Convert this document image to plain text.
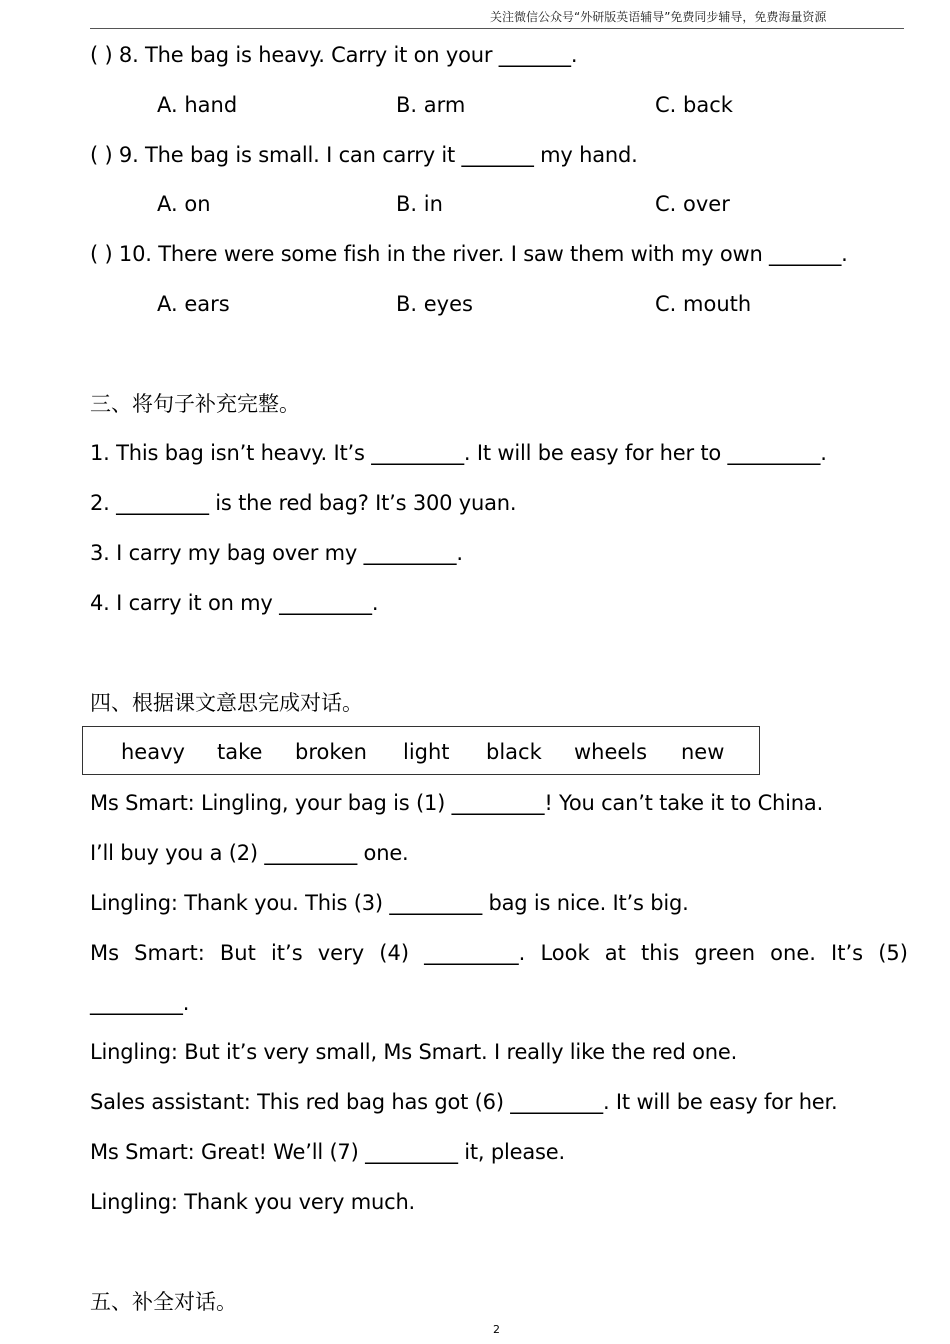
关注微信公众号“外研版英语辅导”免费同步辅导，免费海量资源
( ) 8. The bag is heavy. Carry it on your _______.
A. hand	B. arm	C. back
( ) 9. The bag is small. I can carry it _______ my hand.
A. on	B. in	C. over
( ) 10. There were some fish in the river. I saw them with my own _______.
A. ears	B. eyes	C. mouth
三、将句子补充完整。
1. This bag isn’t heavy. It’s _________. It will be easy for her to _________.
2. _________ is the red bag? It’s 300 yuan.
3. I carry my bag over my _________.
4. I carry it on my _________.
四、根据课文意思完成对话。
heavy take broken light black wheels new
Ms Smart: Lingling, your bag is (1) _________! You can’t take it to China.
I’ll buy you a (2) _________ one.
Lingling: Thank you. This (3) _________ bag is nice. It’s big.
Ms Smart: But it’s very (4) _________. Look at this green one. It’s (5)
_________.
Lingling: But it’s very small, Ms Smart. I really like the red one.
Sales assistant: This red bag has got (6) _________. It will be easy for her.
Ms Smart: Great! We’ll (7) _________ it, please.
Lingling: Thank you very much.
五、补全对话。
2
